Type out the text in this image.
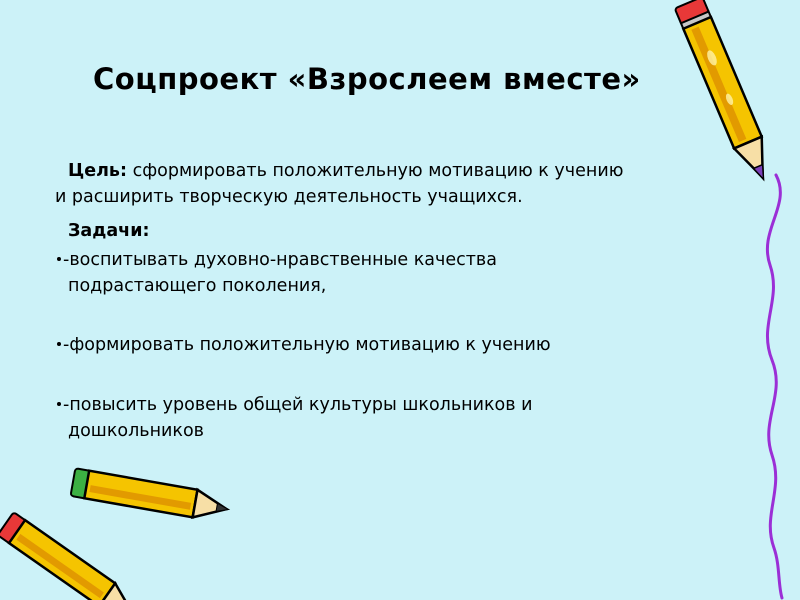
Соцпроект «Взрослеем вместе»
Цель: сформировать положительную мотивацию к учению
и расширить творческую деятельность учащихся.
Задачи:
-воспитывать духовно-нравственные качества
подрастающего поколения,
-формировать положительную мотивацию к учению
-повысить уровень общей культуры школьников и
дошкольников
